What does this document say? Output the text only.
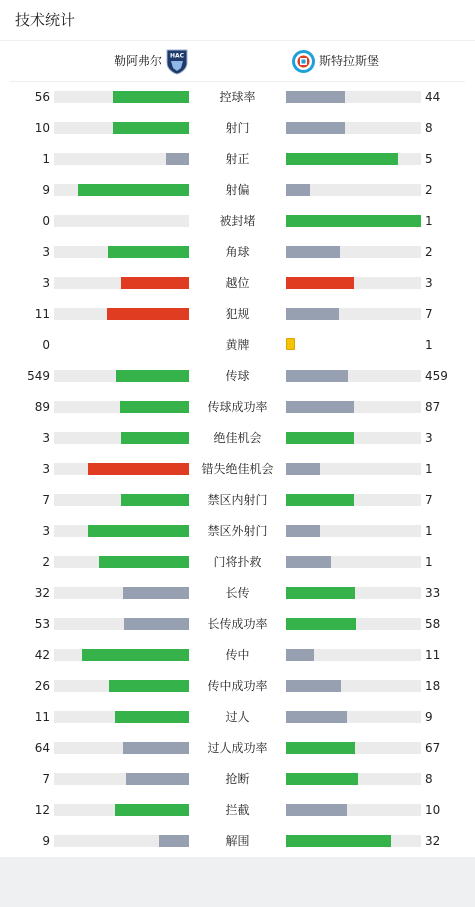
技术统计
勒阿弗尔 HAC	斯特拉斯堡
56	控球率	44
10	射门	8
1	射正	5
9	射偏	2
0	被封堵	1
3	角球	2
3	越位	3
11	犯规	7
0	黄牌	1
549	传球	459
89	传球成功率	87
3	绝佳机会	3
3	错失绝佳机会	1
7	禁区内射门	7
3	禁区外射门	1
2	门将扑救	1
32	长传	33
53	长传成功率	58
42	传中	11
26	传中成功率	18
11	过人	9
64	过人成功率	67
7	抢断	8
12	拦截	10
9	解围	32
